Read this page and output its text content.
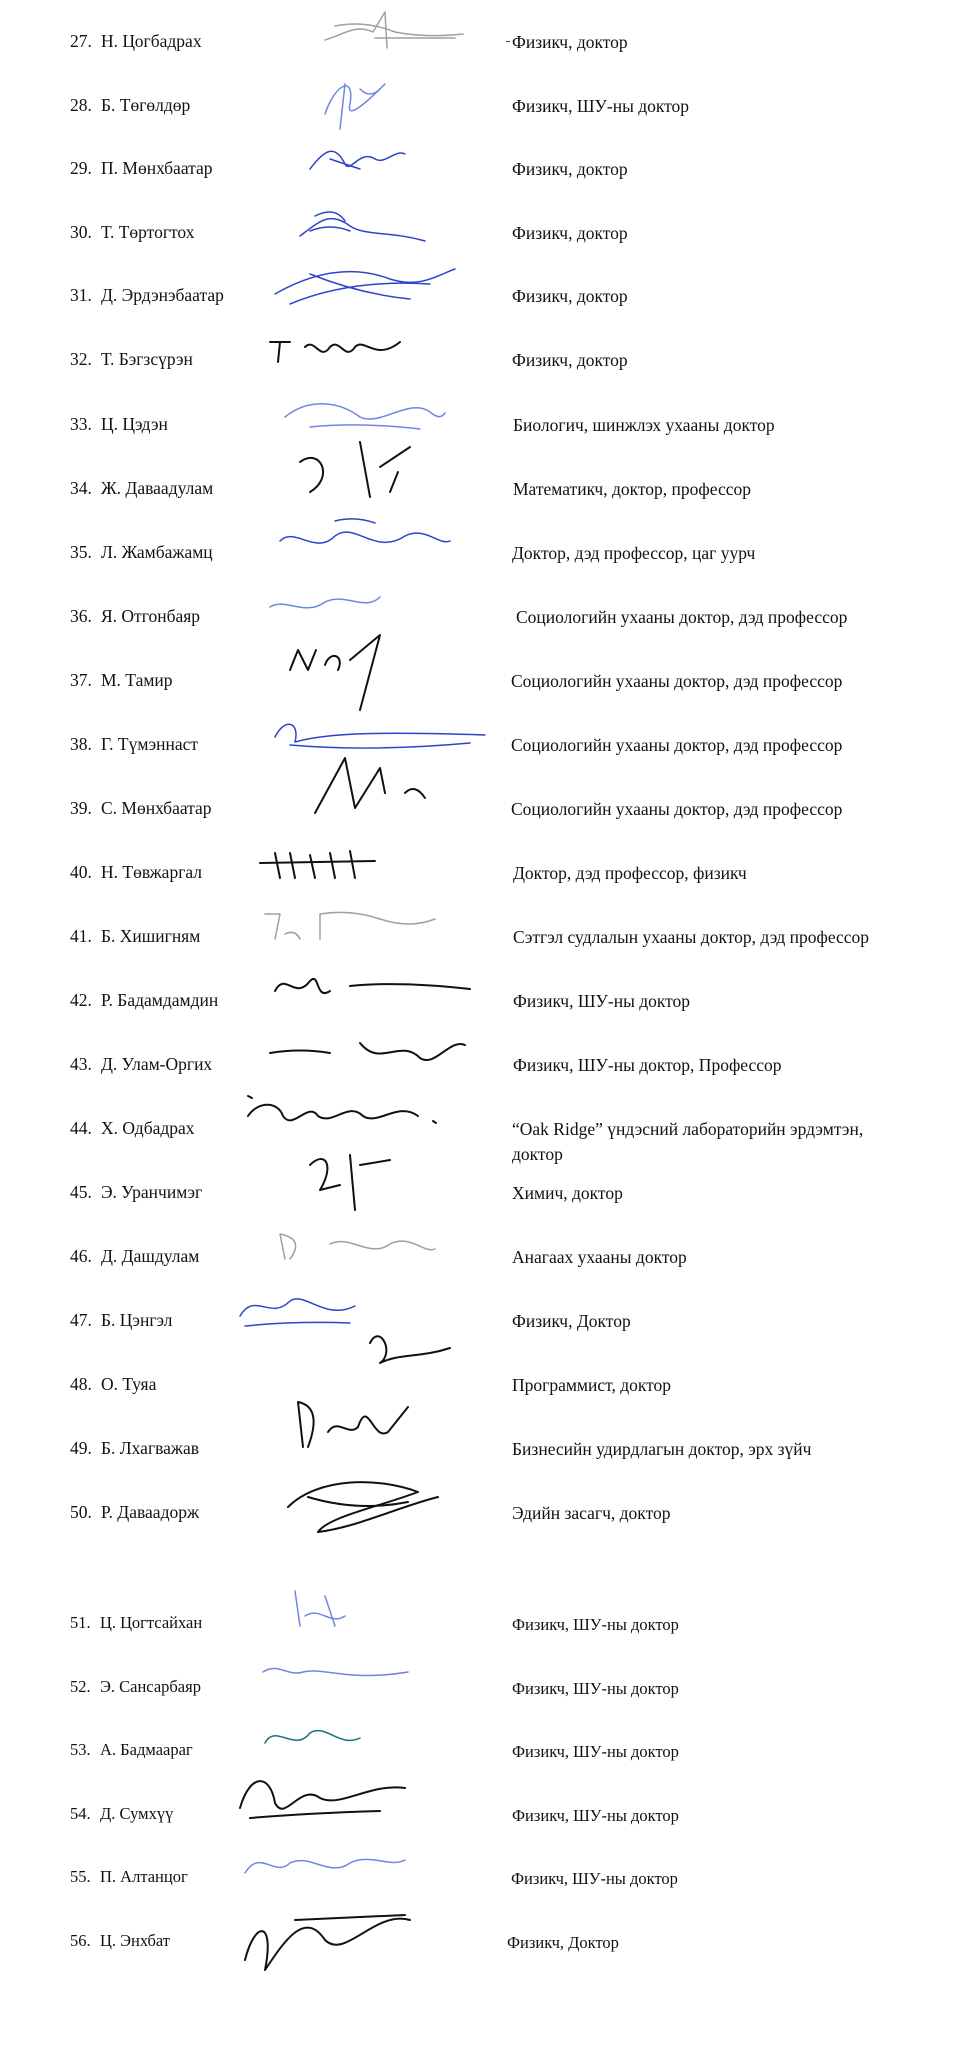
27. Н. Цогбадрах	Физикч, доктор
28. Б. Төгөлдөр	Физикч, ШУ-ны доктор
29. П. Мөнхбаатар	Физикч, доктор
30. Т. Төртогтох	Физикч, доктор
31. Д. Эрдэнэбаатар	Физикч, доктор
32. Т. Бэгзсүрэн	Физикч, доктор
33. Ц. Цэдэн	Биологич, шинжлэх ухааны доктор
34. Ж. Даваадулам	Математикч, доктор, профессор
35. Л. Жамбажамц	Доктор, дэд профессор, цаг уурч
36. Я. Отгонбаяр	Социологийн ухааны доктор, дэд профессор
37. М. Тамир	Социологийн ухааны доктор, дэд профессор
38. Г. Түмэннаст	Социологийн ухааны доктор, дэд профессор
39. С. Мөнхбаатар	Социологийн ухааны доктор, дэд профессор
40. Н. Төвжаргал	Доктор, дэд профессор, физикч
41. Б. Хишигням	Сэтгэл судлалын ухааны доктор, дэд профессор
42. Р. Бадамдамдин	Физикч, ШУ-ны доктор
43. Д. Улам-Оргих	Физикч, ШУ-ны доктор, Профессор
44. Х. Одбадрах	“Oak Ridge” үндэсний лабораторийн эрдэмтэн, доктор
45. Э. Уранчимэг	Химич, доктор
46. Д. Дашдулам	Анагаах ухааны доктор
47. Б. Цэнгэл	Физикч, Доктор
48. О. Туяа	Программист, доктор
49. Б. Лхагважав	Бизнесийн удирдлагын доктор, эрх зүйч
50. Р. Даваадорж	Эдийн засагч, доктор
51. Ц. Цогтсайхан	Физикч, ШУ-ны доктор
52. Э. Сансарбаяр	Физикч, ШУ-ны доктор
53. А. Бадмаараг	Физикч, ШУ-ны доктор
54. Д. Сумхүү	Физикч, ШУ-ны доктор
55. П. Алтанцог	Физикч, ШУ-ны доктор
56. Ц. Энхбат	Физикч, Доктор
